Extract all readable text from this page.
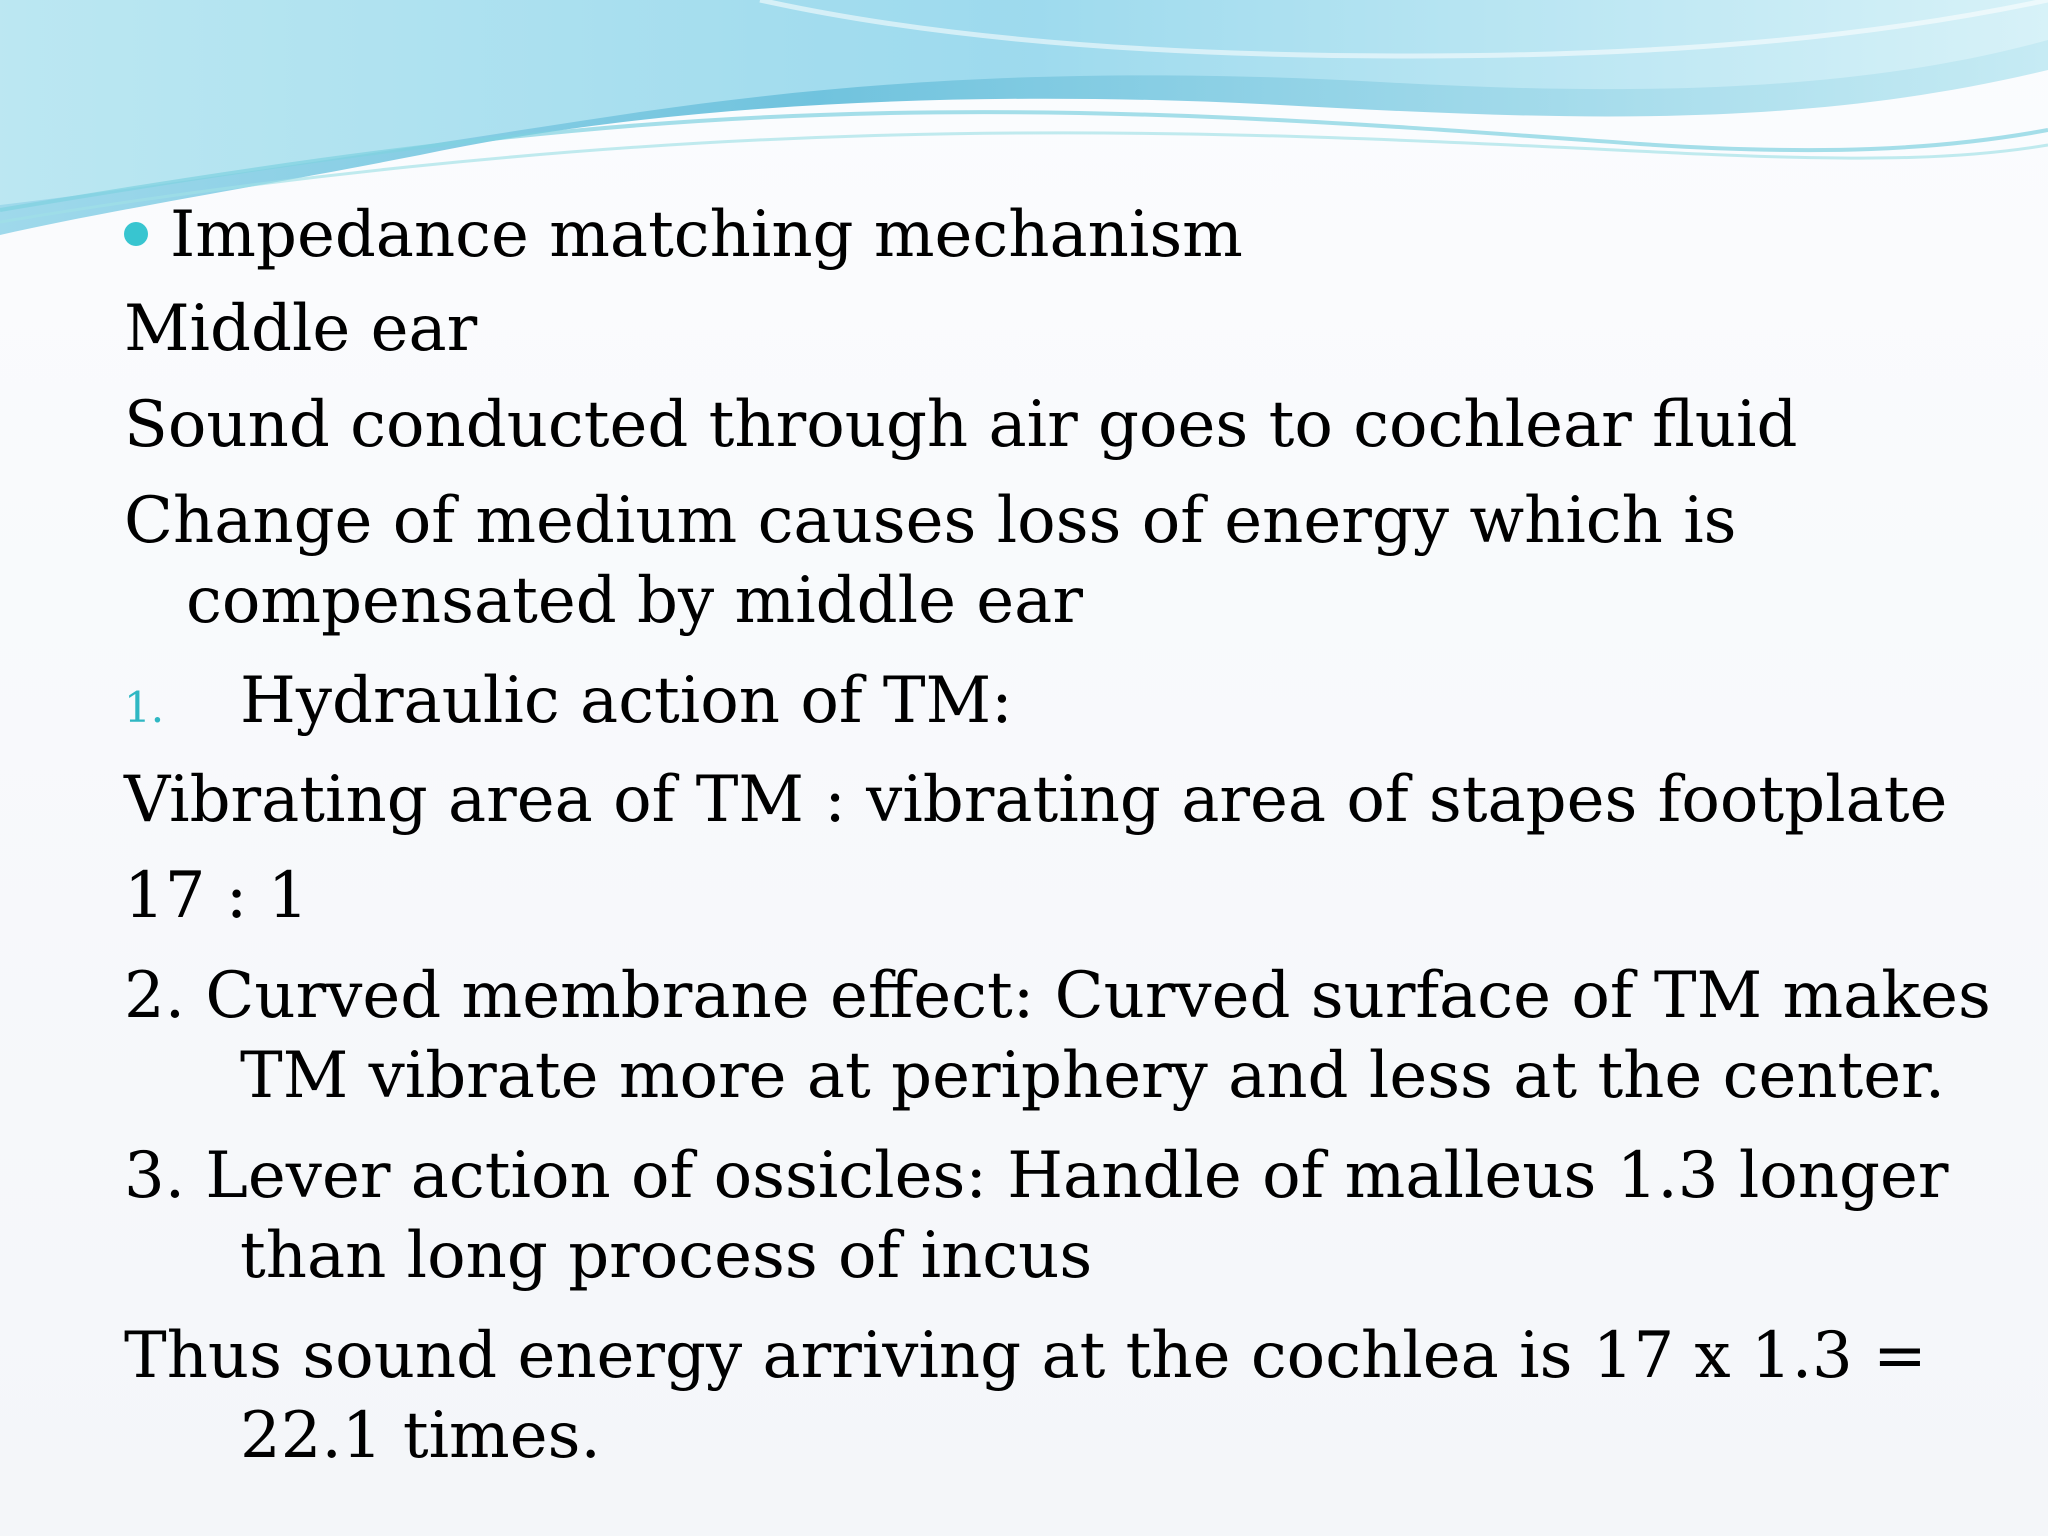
Impedance matching mechanism
Middle ear
Sound conducted through air goes to cochlear fluid
Change of medium causes loss of energy which is
compensated by middle ear
1.	Hydraulic action of TM:
Vibrating area of TM : vibrating area of stapes footplate
17 : 1
2. Curved membrane effect: Curved surface of TM makes
TM vibrate more at periphery and less at the center.
3. Lever action of ossicles: Handle of malleus 1.3 longer
than long process of incus
Thus sound energy arriving at the cochlea is 17 x 1.3 =
22.1 times.
